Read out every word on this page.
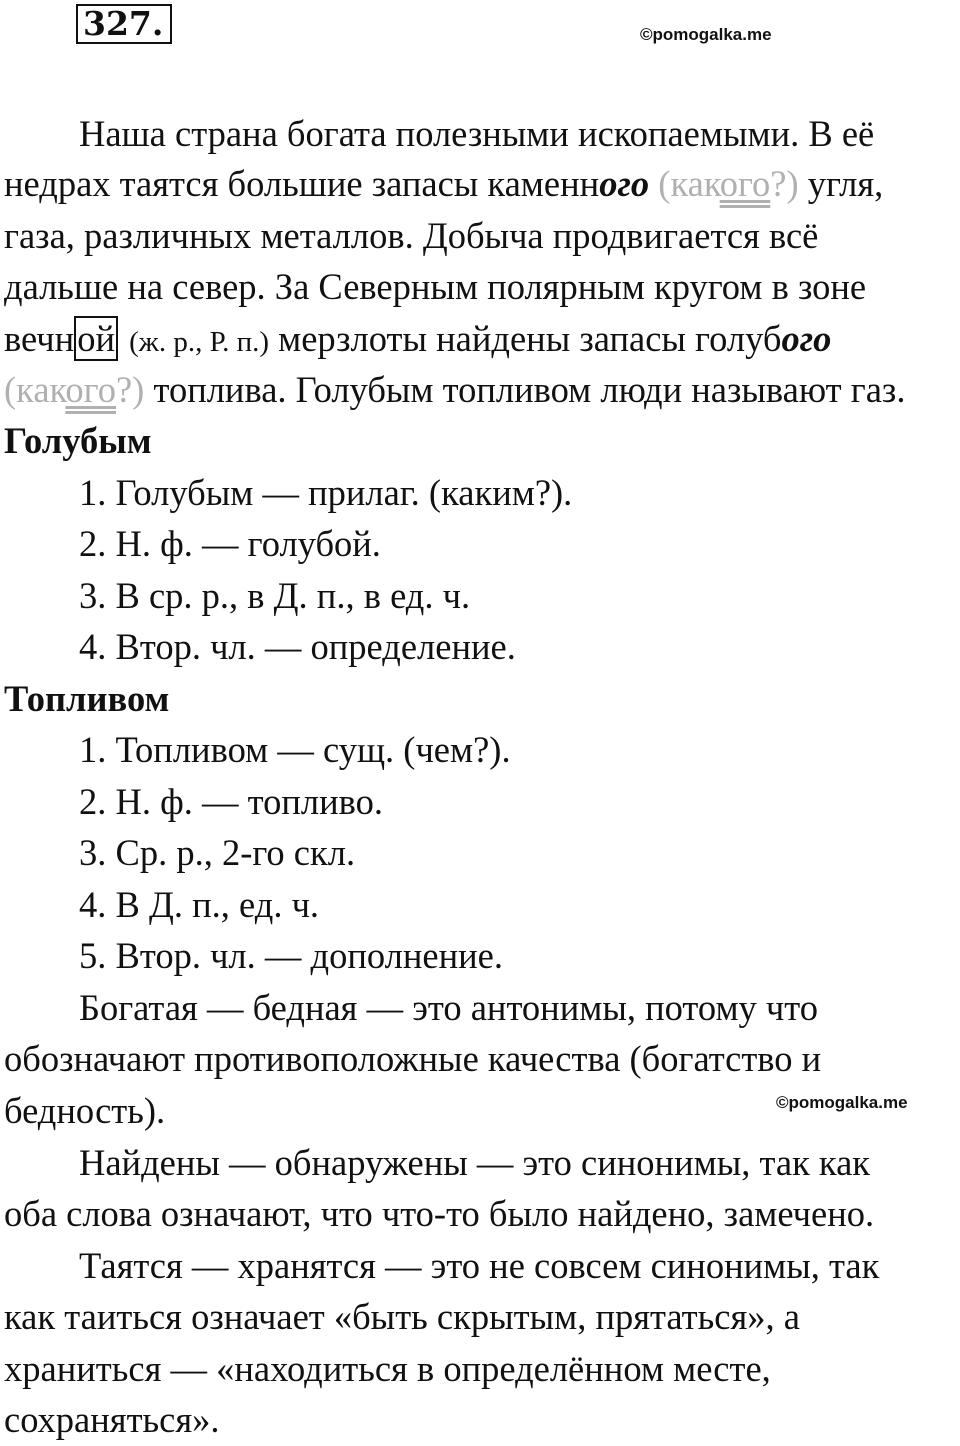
327.	©pomogalka.me
Наша страна богата полезными ископаемыми. В её
недрах таятся большие запасы каменного (какого?) угля,
газа, различных металлов. Добыча продвигается всё
дальше на север. За Северным полярным кругом в зоне
вечной (ж. р., Р. п.) мерзлоты найдены запасы голубого
(какого?) топлива. Голубым топливом люди называют газ.
Голубым
1. Голубым — прилаг. (каким?).
2. Н. ф. — голубой.
3. В ср. р., в Д. п., в ед. ч.
4. Втор. чл. — определение.
Топливом
1. Топливом — сущ. (чем?).
2. Н. ф. — топливо.
3. Ср. р., 2-го скл.
4. В Д. п., ед. ч.
5. Втор. чл. — дополнение.
Богатая — бедная — это антонимы, потому что
обозначают противоположные качества (богатство и
бедность).	©pomogalka.me
Найдены — обнаружены — это синонимы, так как
оба слова означают, что что-то было найдено, замечено.
Таятся — хранятся — это не совсем синонимы, так
как таиться означает «быть скрытым, прятаться», а
храниться — «находиться в определённом месте,
сохраняться».
